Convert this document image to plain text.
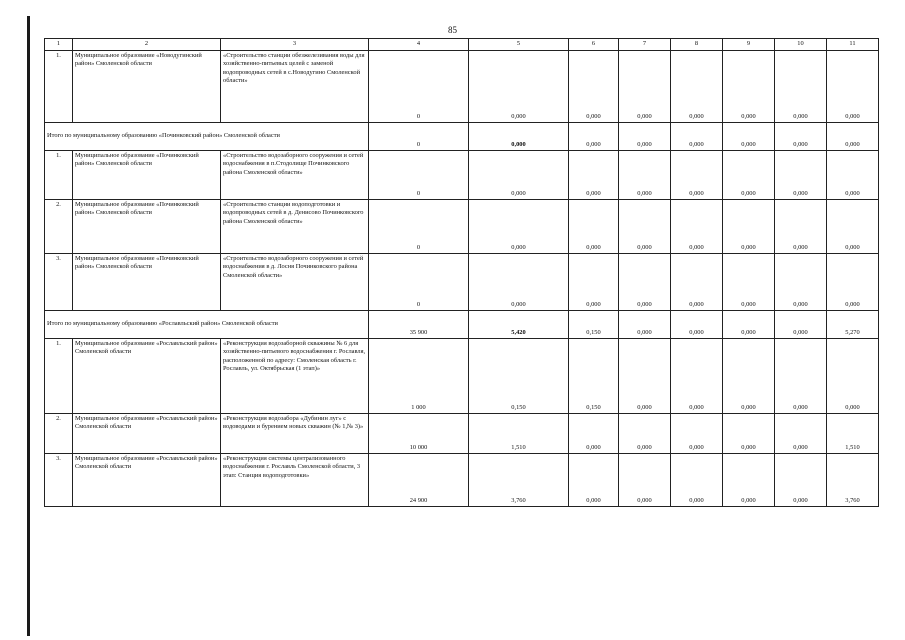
85
1	2	3	4	5	6	7	8	9	10	11
1.	Муниципальное образование «Новодугинский район» Смоленской области	«Строительство станции обезжелезивания воды для хозяйственно-питьевых целей с заменой водопроводных сетей в с.Новодугино Смоленской области»	0	0,000	0,000	0,000	0,000	0,000	0,000	0,000
Итого по муниципальному образованию «Починковский район» Смоленской области			0	0,000	0,000	0,000	0,000	0,000	0,000	0,000
1.	Муниципальное образование «Починковский район» Смоленской области	«Строительство водозаборного сооружения и сетей водоснабжения в п.Стодолище Починковского района Смоленской области»	0	0,000	0,000	0,000	0,000	0,000	0,000	0,000
2.	Муниципальное образование «Починковский район» Смоленской области	«Строительство станции водоподготовки и водопроводных сетей в д. Денисово Починковского района Смоленской области»	0	0,000	0,000	0,000	0,000	0,000	0,000	0,000
3.	Муниципальное образование «Починковский район» Смоленской области	«Строительство водозаборного сооружения и сетей водоснабжения в д. Лосня Починковского района Смоленской области»	0	0,000	0,000	0,000	0,000	0,000	0,000	0,000
Итого по муниципальному образованию «Рославльский район» Смоленской области			35 900	5,420	0,150	0,000	0,000	0,000	0,000	5,270
1.	Муниципальное образование «Рославльский район» Смоленской области	«Реконструкция водозаборной скважины № 6 для хозяйственно-питьевого водоснабжения г. Рославля, расположенной по адресу: Смоленская область г. Рославль, ул. Октябрьская (1 этап)»	1 000	0,150	0,150	0,000	0,000	0,000	0,000	0,000
2.	Муниципальное образование «Рославльский район» Смоленской области	«Реконструкция водозабора «Дубинин луг» с водоводами и бурением новых скважин (№ 1,№ 3)»	10 000	1,510	0,000	0,000	0,000	0,000	0,000	1,510
3.	Муниципальное образование «Рославльский район» Смоленской области	«Реконструкция системы централизованного водоснабжения г. Рославль Смоленской области, 3 этап: Станция водоподготовки»	24 900	3,760	0,000	0,000	0,000	0,000	0,000	3,760
